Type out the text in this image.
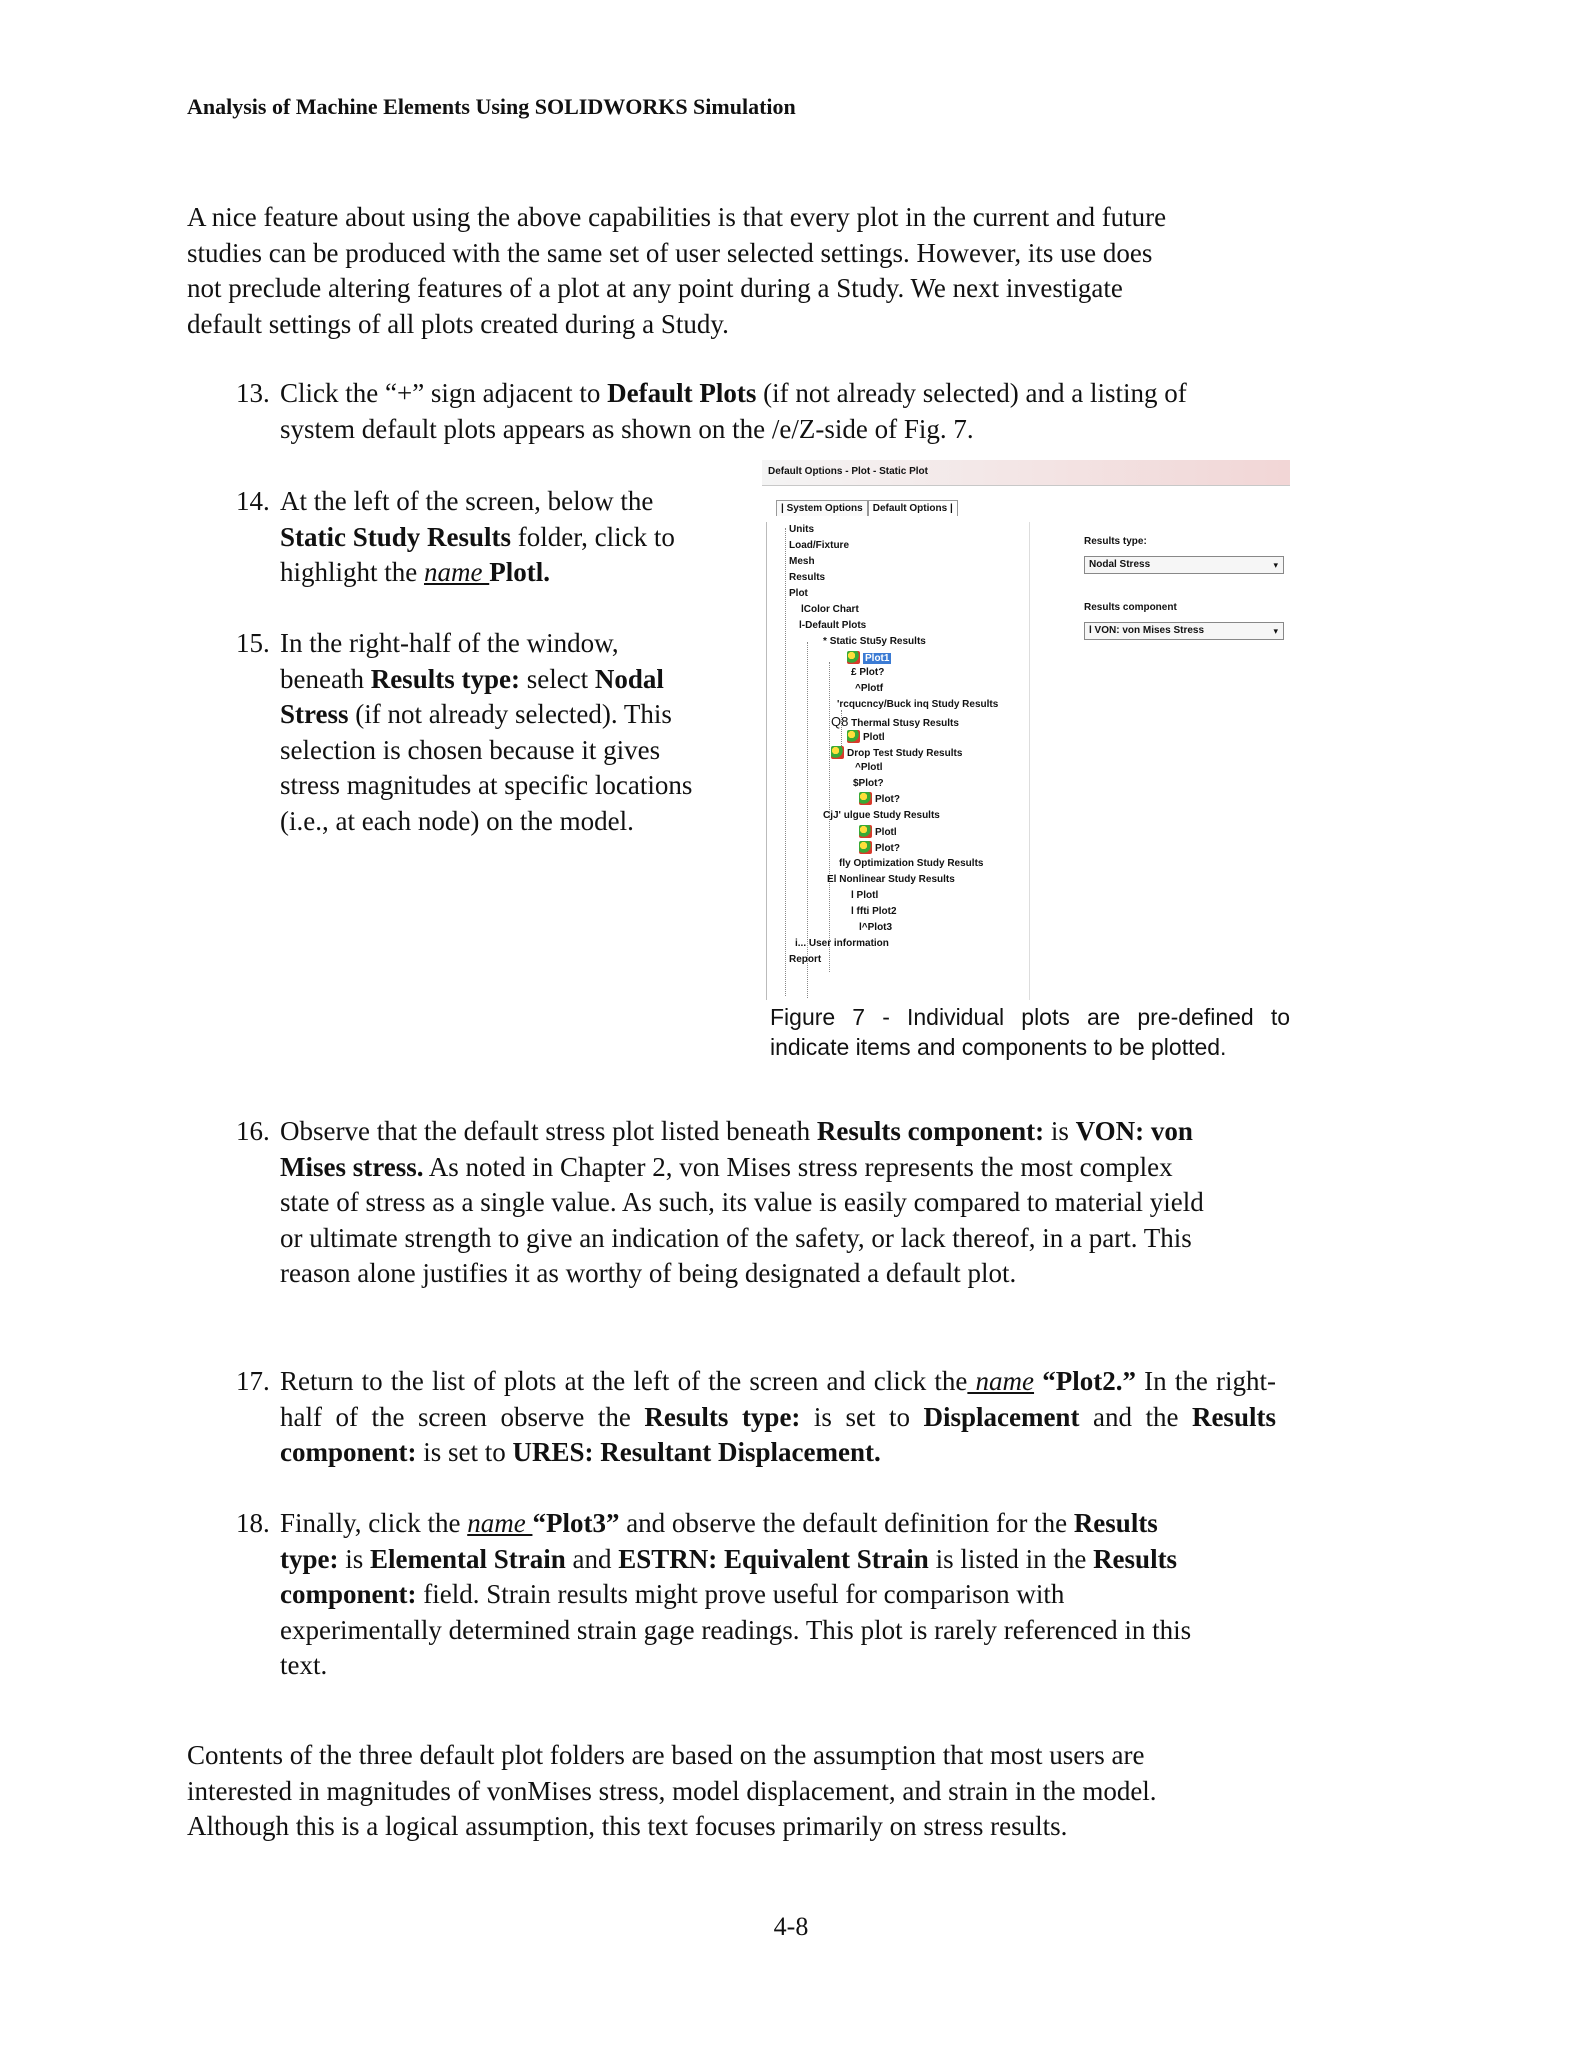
Analysis of Machine Elements Using SOLIDWORKS Simulation

A nice feature about using the above capabilities is that every plot in the current and future studies can be produced with the same set of user selected settings. However, its use does not preclude altering features of a plot at any point during a Study. We next investigate default settings of all plots created during a Study.

13. Click the “+” sign adjacent to Default Plots (if not already selected) and a listing of system default plots appears as shown on the /e/Z-side of Fig. 7.
14. At the left of the screen, below the Static Study Results folder, click to highlight the name Plotl.
15. In the right-half of the window, beneath Results type: select Nodal Stress (if not already selected). This selection is chosen because it gives stress magnitudes at specific locations (i.e., at each node) on the model.
Default Options - Plot - Static Plot
| System Options Default Options |
Units
Load/Fixture
Mesh
Results
Plot
lColor Chart
l-Default Plots
* Static Stu5y Results
Plot1
£ Plot?
^Plotf
'rcqucncy/Buck inq Study Results
Q8 Thermal Stusy Results
Plotl
Drop Test Study Results
^Plotl
$Plot?
Plot?
CjJ' ulgue Study Results
Plotl
Plot?
fly Optimization Study Results
El Nonlinear Study Results
l Plotl
l ffti Plot2
l^Plot3
i... User information
Report
Results type:
Nodal Stress	▾
Results component
l VON: von Mises Stress	▾
Figure 7 - Individual plots are pre-defined to indicate items and components to be plotted.
16. Observe that the default stress plot listed beneath Results component: is VON: von Mises stress. As noted in Chapter 2, von Mises stress represents the most complex state of stress as a single value. As such, its value is easily compared to material yield or ultimate strength to give an indication of the safety, or lack thereof, in a part. This reason alone justifies it as worthy of being designated a default plot.
17. Return to the list of plots at the left of the screen and click the name “Plot2.” In the right-half of the screen observe the Results type: is set to Displacement and the Results component: is set to URES: Resultant Displacement.
18. Finally, click the name “Plot3” and observe the default definition for the Results type: is Elemental Strain and ESTRN: Equivalent Strain is listed in the Results component: field. Strain results might prove useful for comparison with experimentally determined strain gage readings. This plot is rarely referenced in this text.

Contents of the three default plot folders are based on the assumption that most users are interested in magnitudes of vonMises stress, model displacement, and strain in the model. Although this is a logical assumption, this text focuses primarily on stress results.

4-8
